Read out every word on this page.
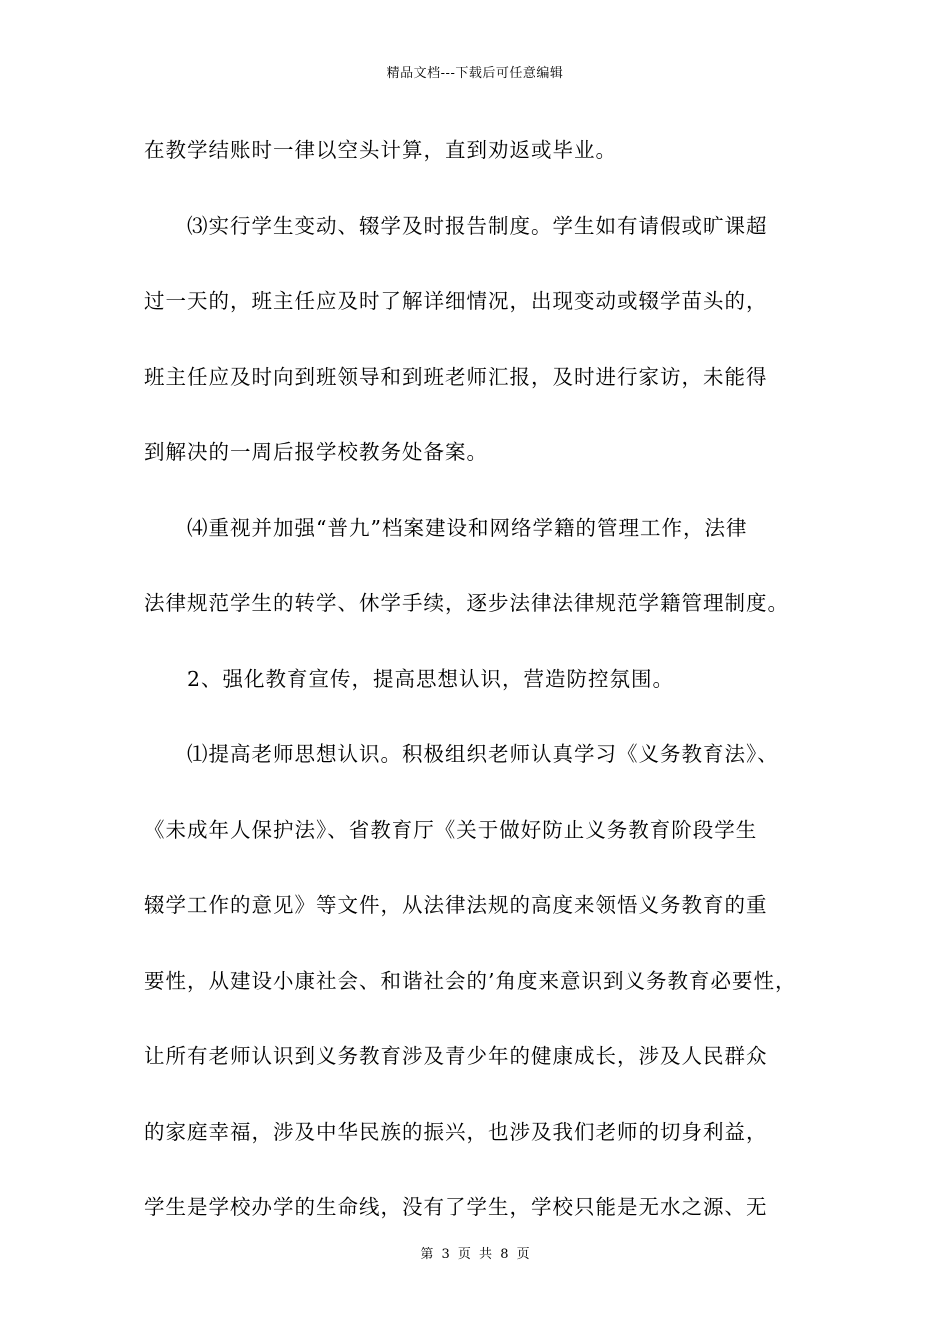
精品文档---下载后可任意编辑
在教学结账时一律以空头计算，直到劝返或毕业。
　　⑶实行学生变动、辍学及时报告制度。学生如有请假或旷课超
过一天的，班主任应及时了解详细情况，出现变动或辍学苗头的，
班主任应及时向到班领导和到班老师汇报，及时进行家访，未能得
到解决的一周后报学校教务处备案。
　　⑷重视并加强“普九”档案建设和网络学籍的管理工作，法律
法律规范学生的转学、休学手续，逐步法律法律规范学籍管理制度。
　　2、强化教育宣传，提高思想认识，营造防控氛围。
　　⑴提高老师思想认识。积极组织老师认真学习《义务教育法》、
《未成年人保护法》、省教育厅《关于做好防止义务教育阶段学生
辍学工作的意见》等文件，从法律法规的高度来领悟义务教育的重
要性，从建设小康社会、和谐社会的’角度来意识到义务教育必要性，
让所有老师认识到义务教育涉及青少年的健康成长，涉及人民群众
的家庭幸福，涉及中华民族的振兴，也涉及我们老师的切身利益，
学生是学校办学的生命线，没有了学生，学校只能是无水之源、无
第 3 页 共 8 页
